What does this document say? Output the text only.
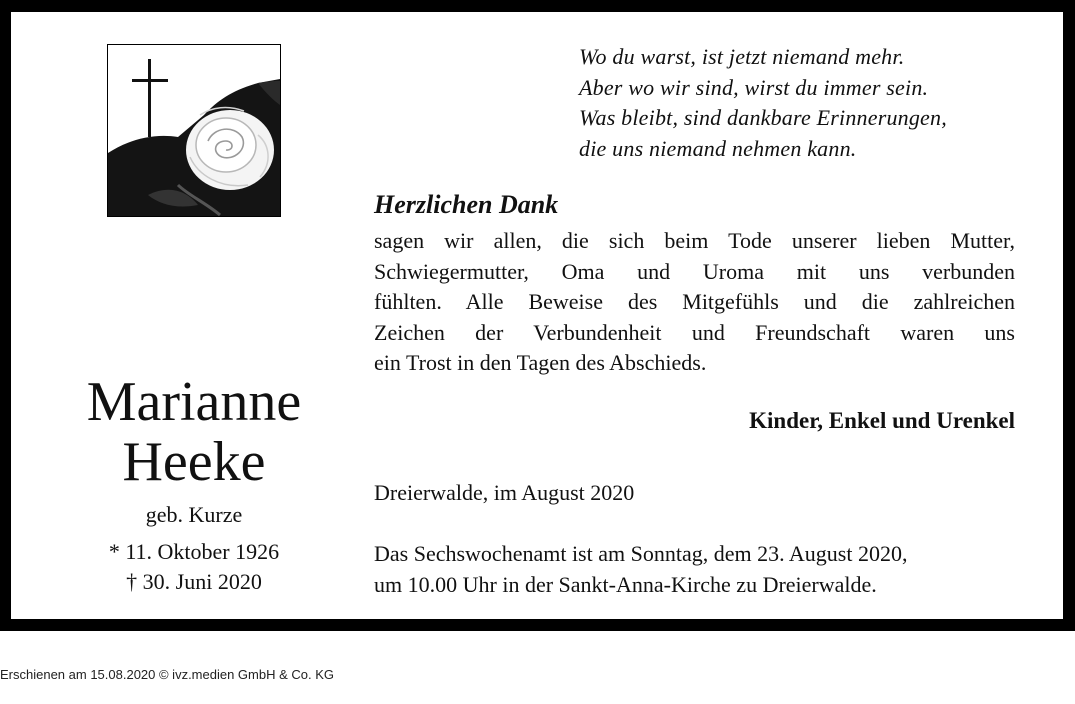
Wo du warst, ist jetzt niemand mehr.
Aber wo wir sind, wirst du immer sein.
Was bleibt, sind dankbare Erinnerungen,
die uns niemand nehmen kann.
Herzlichen Dank
sagen wir allen, die sich beim Tode unserer lieben Mutter,
Schwiegermutter, Oma und Uroma mit uns verbunden
fühlten. Alle Beweise des Mitgefühls und die zahlreichen
Zeichen der Verbundenheit und Freundschaft waren uns
ein Trost in den Tagen des Abschieds.
Kinder, Enkel und Urenkel
Marianne
Heeke
geb. Kurze
* 11. Oktober 1926
† 30. Juni 2020
Dreierwalde, im August 2020
Das Sechswochenamt ist am Sonntag, dem 23. August 2020,
um 10.00 Uhr in der Sankt-Anna-Kirche zu Dreierwalde.
Erschienen am 15.08.2020 © ivz.medien GmbH & Co. KG
